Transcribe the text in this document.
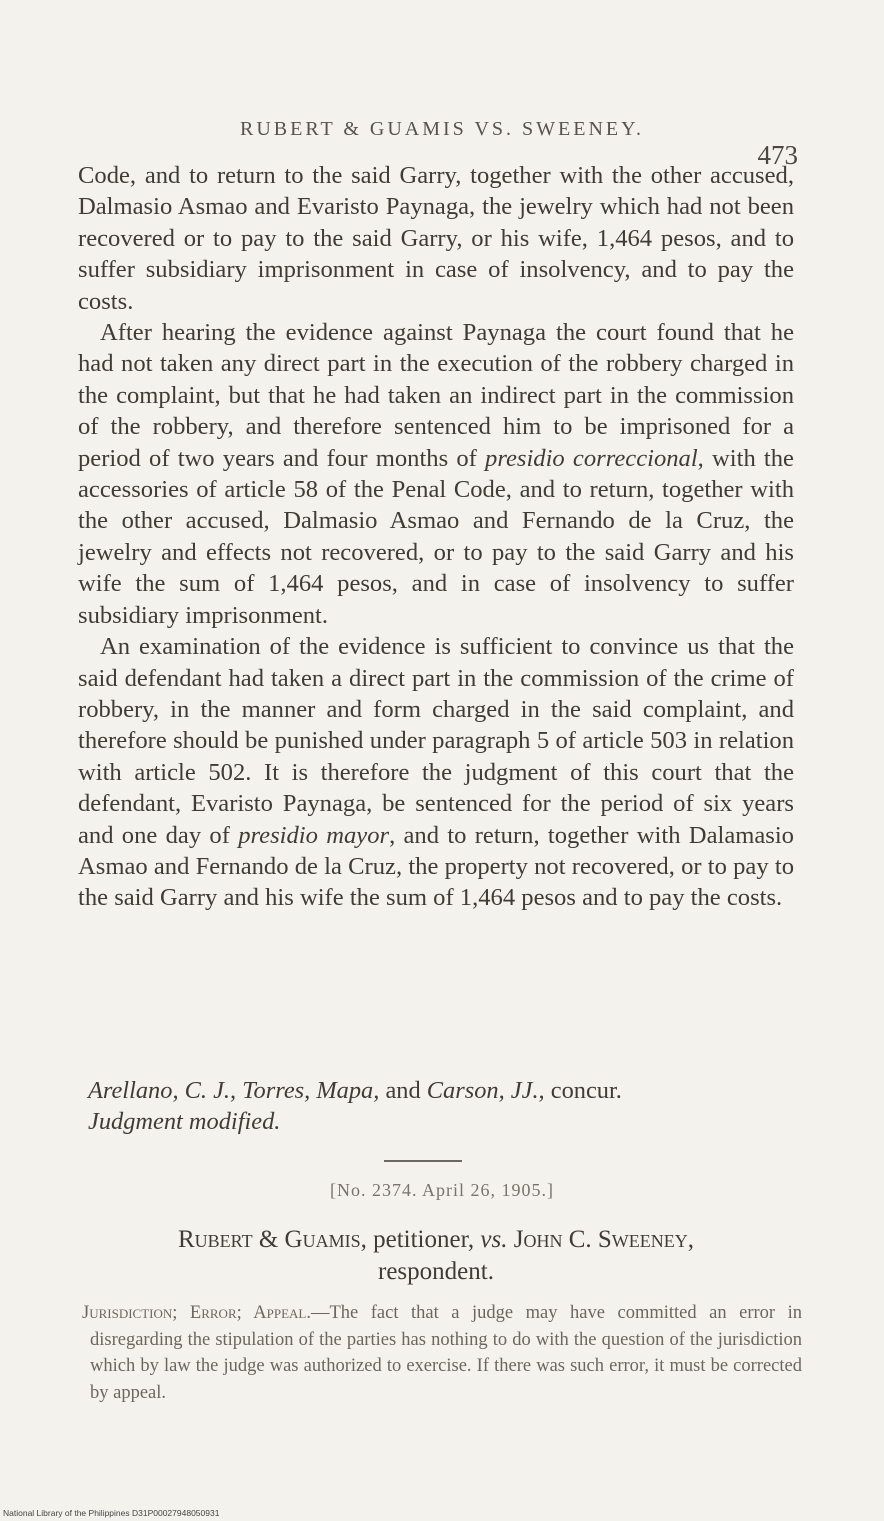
RUBERT & GUAMIS VS. SWEENEY.
473

Code, and to return to the said Garry, together with the other accused, Dalmasio Asmao and Evaristo Paynaga, the jewelry which had not been recovered or to pay to the said Garry, or his wife, 1,464 pesos, and to suffer subsidiary imprisonment in case of insolvency, and to pay the costs.

After hearing the evidence against Paynaga the court found that he had not taken any direct part in the execution of the robbery charged in the complaint, but that he had taken an indirect part in the commission of the robbery, and therefore sentenced him to be imprisoned for a period of two years and four months of presidio correccional, with the accessories of article 58 of the Penal Code, and to return, together with the other accused, Dalmasio Asmao and Fernando de la Cruz, the jewelry and effects not recovered, or to pay to the said Garry and his wife the sum of 1,464 pesos, and in case of insolvency to suffer subsidiary imprisonment.

An examination of the evidence is sufficient to convince us that the said defendant had taken a direct part in the commission of the crime of robbery, in the manner and form charged in the said complaint, and therefore should be punished under paragraph 5 of article 503 in relation with article 502. It is therefore the judgment of this court that the defendant, Evaristo Paynaga, be sentenced for the period of six years and one day of presidio mayor, and to return, together with Dalamasio Asmao and Fernando de la Cruz, the property not recovered, or to pay to the said Garry and his wife the sum of 1,464 pesos and to pay the costs.

Arellano, C. J., Torres, Mapa, and Carson, JJ., concur.
Judgment modified.
[No. 2374. April 26, 1905.]
Rubert & Guamis, petitioner, vs. John C. Sweeney,
respondent.
Jurisdiction; Error; Appeal.—The fact that a judge may have committed an error in disregarding the stipulation of the parties has nothing to do with the question of the jurisdiction which by law the judge was authorized to exercise. If there was such error, it must be corrected by appeal.
National Library of the Philippines D31P00027948050931
